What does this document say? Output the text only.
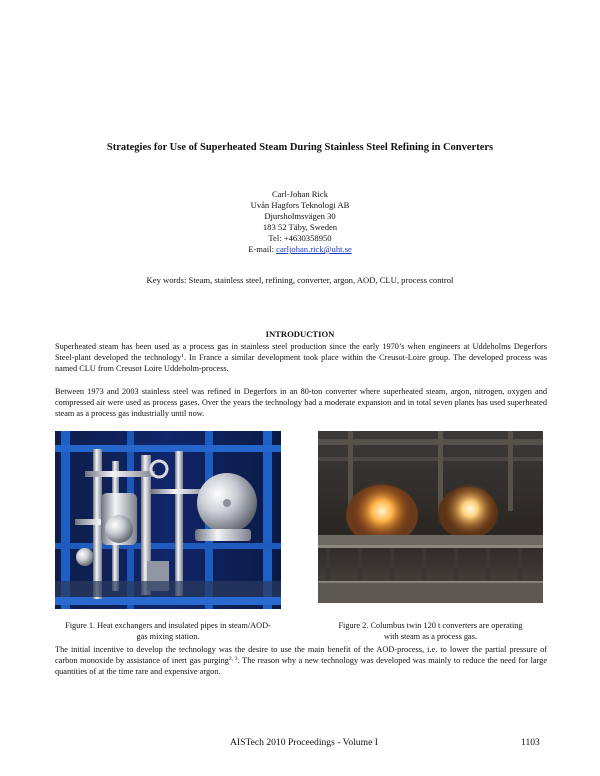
Strategies for Use of Superheated Steam During Stainless Steel Refining in Converters
Carl-Johan Rick
Uvån Hagfors Teknologi AB
Djursholmsvägen 30
183 52 Täby, Sweden
Tel: +4630358950
E-mail: carljohan.rick@uht.se
Key words: Steam, stainless steel, refining, converter, argon, AOD, CLU, process control
INTRODUCTION
Superheated steam has been used as a process gas in stainless steel production since the early 1970’s when engineers at Uddeholms Degerfors Steel-plant developed the technology$^1$. In France a similar development took place within the Creusot-Loire group. The developed process was named CLU from Creusot Loire Uddeholm-process.
Between 1973 and 2003 stainless steel was refined in Degerfors in an 80-ton converter where superheated steam, argon, nitrogen, oxygen and compressed air were used as process gases. Over the years the technology had a moderate expansion and in total seven plants has used superheated steam as a process gas industrially until now.
Figure 1. Heat exchangers and insulated pipes in steam/AOD-
gas mixing station.
Figure 2. Columbus twin 120 t converters are operating
with steam as a process gas.
The initial incentive to develop the technology was the desire to use the main benefit of the AOD-process, i.e. to lower the partial pressure of carbon monoxide by assistance of inert gas purging$^{2, 3}$. The reason why a new technology was developed was mainly to reduce the need for large quantities of at the time rare and expensive argon.
AISTech 2010 Proceedings - Volume I	1103
